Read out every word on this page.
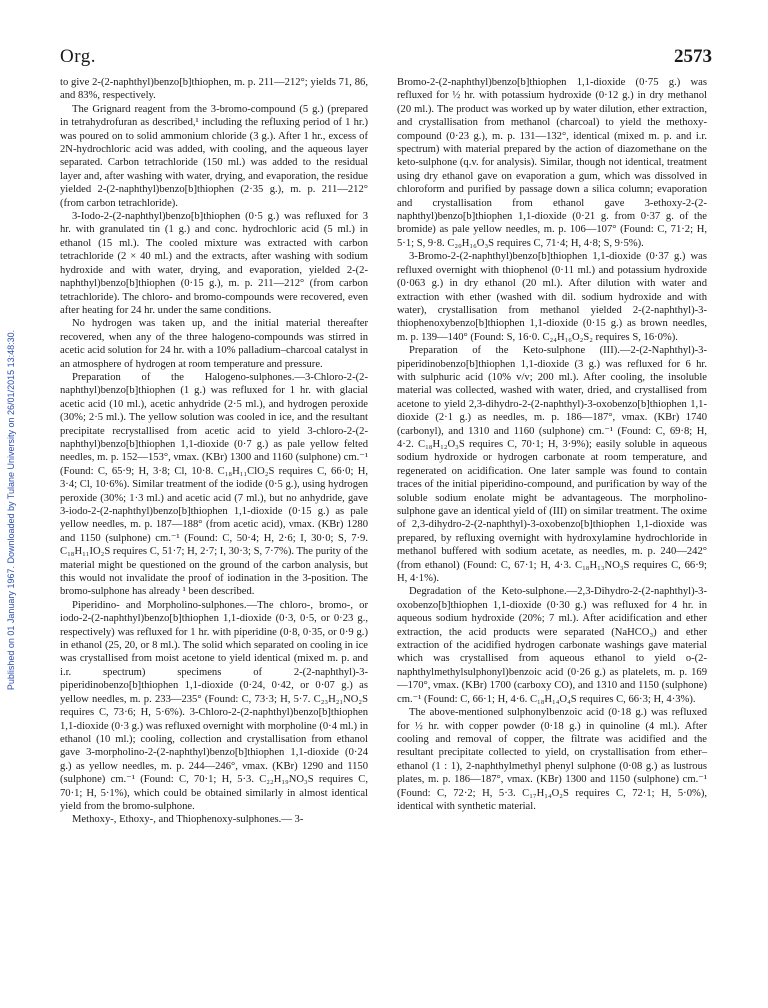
Published on 01 January 1967. Downloaded by Tulane University on 26/01/2015 13:48:30.
Org.	2573

to give 2-(2-naphthyl)benzo[b]thiophen, m. p. 211—212°; yields 71, 86, and 83%, respectively.

The Grignard reagent from the 3-bromo-compound (5 g.) (prepared in tetrahydrofuran as described,¹ including the refluxing period of 1 hr.) was poured on to solid ammonium chloride (3 g.). After 1 hr., excess of 2N-hydrochloric acid was added, with cooling, and the aqueous layer separated. Carbon tetrachloride (150 ml.) was added to the residual layer and, after washing with water, drying, and evaporation, the residue yielded 2-(2-naphthyl)benzo[b]thiophen (2·35 g.), m. p. 211—212° (from carbon tetrachloride).

3-Iodo-2-(2-naphthyl)benzo[b]thiophen (0·5 g.) was refluxed for 3 hr. with granulated tin (1 g.) and conc. hydrochloric acid (5 ml.) in ethanol (15 ml.). The cooled mixture was extracted with carbon tetrachloride (2 × 40 ml.) and the extracts, after washing with sodium hydroxide and with water, drying, and evaporation, yielded 2-(2-naphthyl)benzo[b]thiophen (0·15 g.), m. p. 211—212° (from carbon tetrachloride). The chloro- and bromo-compounds were recovered, even after heating for 24 hr. under the same conditions.

No hydrogen was taken up, and the initial material thereafter recovered, when any of the three halogeno-compounds was stirred in acetic acid solution for 24 hr. with a 10% palladium–charcoal catalyst in an atmosphere of hydrogen at room temperature and pressure.

Preparation of the Halogeno-sulphones.—3-Chloro-2-(2-naphthyl)benzo[b]thiophen (1 g.) was refluxed for 1 hr. with glacial acetic acid (10 ml.), acetic anhydride (2·5 ml.), and hydrogen peroxide (30%; 2·5 ml.). The yellow solution was cooled in ice, and the resultant precipitate recrystallised from acetic acid to yield 3-chloro-2-(2-naphthyl)benzo[b]thiophen 1,1-dioxide (0·7 g.) as pale yellow felted needles, m. p. 152—153°, νmax. (KBr) 1300 and 1160 (sulphone) cm.⁻¹ (Found: C, 65·9; H, 3·8; Cl, 10·8. C₁₈H₁₁ClO₂S requires C, 66·0; H, 3·4; Cl, 10·6%). Similar treatment of the iodide (0·5 g.), using hydrogen peroxide (30%; 1·3 ml.) and acetic acid (7 ml.), but no anhydride, gave 3-iodo-2-(2-naphthyl)benzo[b]thiophen 1,1-dioxide (0·15 g.) as pale yellow needles, m. p. 187—188° (from acetic acid), νmax. (KBr) 1280 and 1150 (sulphone) cm.⁻¹ (Found: C, 50·4; H, 2·6; I, 30·0; S, 7·9. C₁₈H₁₁IO₂S requires C, 51·7; H, 2·7; I, 30·3; S, 7·7%). The purity of the material might be questioned on the ground of the carbon analysis, but this would not invalidate the proof of iodination in the 3-position. The bromo-sulphone has already ¹ been described.

Piperidino- and Morpholino-sulphones.—The chloro-, bromo-, or iodo-2-(2-naphthyl)benzo[b]thiophen 1,1-dioxide (0·3, 0·5, or 0·23 g., respectively) was refluxed for 1 hr. with piperidine (0·8, 0·35, or 0·9 g.) in ethanol (25, 20, or 8 ml.). The solid which separated on cooling in ice was crystallised from moist acetone to yield identical (mixed m. p. and i.r. spectrum) specimens of 2-(2-naphthyl)-3-piperidinobenzo[b]thiophen 1,1-dioxide (0·24, 0·42, or 0·07 g.) as yellow needles, m. p. 233—235° (Found: C, 73·3; H, 5·7. C₂₃H₂₁NO₂S requires C, 73·6; H, 5·6%). 3-Chloro-2-(2-naphthyl)benzo[b]thiophen 1,1-dioxide (0·3 g.) was refluxed overnight with morpholine (0·4 ml.) in ethanol (10 ml.); cooling, collection and crystallisation from ethanol gave 3-morpholino-2-(2-naphthyl)benzo[b]thiophen 1,1-dioxide (0·24 g.) as yellow needles, m. p. 244—246°, νmax. (KBr) 1290 and 1150 (sulphone) cm.⁻¹ (Found: C, 70·1; H, 5·3. C₂₂H₁₉NO₃S requires C, 70·1; H, 5·1%), which could be obtained similarly in almost identical yield from the bromo-sulphone.

Methoxy-, Ethoxy-, and Thiophenoxy-sulphones.— 3-

Bromo-2-(2-naphthyl)benzo[b]thiophen 1,1-dioxide (0·75 g.) was refluxed for ½ hr. with potassium hydroxide (0·12 g.) in dry methanol (20 ml.). The product was worked up by water dilution, ether extraction, and crystallisation from methanol (charcoal) to yield the methoxy-compound (0·23 g.), m. p. 131—132°, identical (mixed m. p. and i.r. spectrum) with material prepared by the action of diazomethane on the keto-sulphone (q.v. for analysis). Similar, though not identical, treatment using dry ethanol gave on evaporation a gum, which was dissolved in chloroform and purified by passage down a silica column; evaporation and crystallisation from ethanol gave 3-ethoxy-2-(2-naphthyl)benzo[b]thiophen 1,1-dioxide (0·21 g. from 0·37 g. of the bromide) as pale yellow needles, m. p. 106—107° (Found: C, 71·2; H, 5·1; S, 9·8. C₂₀H₁₆O₃S requires C, 71·4; H, 4·8; S, 9·5%).

3-Bromo-2-(2-naphthyl)benzo[b]thiophen 1,1-dioxide (0·37 g.) was refluxed overnight with thiophenol (0·11 ml.) and potassium hydroxide (0·063 g.) in dry ethanol (20 ml.). After dilution with water and extraction with ether (washed with dil. sodium hydroxide and with water), crystallisation from methanol yielded 2-(2-naphthyl)-3-thiophenoxybenzo[b]thiophen 1,1-dioxide (0·15 g.) as brown needles, m. p. 139—140° (Found: S, 16·0. C₂₄H₁₆O₂S₂ requires S, 16·0%).

Preparation of the Keto-sulphone (III).—2-(2-Naphthyl)-3-piperidinobenzo[b]thiophen 1,1-dioxide (3 g.) was refluxed for 6 hr. with sulphuric acid (10% v/v; 200 ml.). After cooling, the insoluble material was collected, washed with water, dried, and crystallised from acetone to yield 2,3-dihydro-2-(2-naphthyl)-3-oxobenzo[b]thiophen 1,1-dioxide (2·1 g.) as needles, m. p. 186—187°, νmax. (KBr) 1740 (carbonyl), and 1310 and 1160 (sulphone) cm.⁻¹ (Found: C, 69·8; H, 4·2. C₁₈H₁₂O₃S requires C, 70·1; H, 3·9%); easily soluble in aqueous sodium hydroxide or hydrogen carbonate at room temperature, and regenerated on acidification. One later sample was found to contain traces of the initial piperidino-compound, and purification by way of the soluble sodium enolate might be advantageous. The morpholino-sulphone gave an identical yield of (III) on similar treatment. The oxime of 2,3-dihydro-2-(2-naphthyl)-3-oxobenzo[b]thiophen 1,1-dioxide was prepared, by refluxing overnight with hydroxylamine hydrochloride in methanol buffered with sodium acetate, as needles, m. p. 240—242° (from ethanol) (Found: C, 67·1; H, 4·3. C₁₈H₁₃NO₃S requires C, 66·9; H, 4·1%).

Degradation of the Keto-sulphone.—2,3-Dihydro-2-(2-naphthyl)-3-oxobenzo[b]thiophen 1,1-dioxide (0·30 g.) was refluxed for 4 hr. in aqueous sodium hydroxide (20%; 7 ml.). After acidification and ether extraction, the acid products were separated (NaHCO₃) and ether extraction of the acidified hydrogen carbonate washings gave material which was crystallised from aqueous ethanol to yield o-(2-naphthylmethylsulphonyl)benzoic acid (0·26 g.) as platelets, m. p. 169—170°, νmax. (KBr) 1700 (carboxy CO), and 1310 and 1150 (sulphone) cm.⁻¹ (Found: C, 66·1; H, 4·6. C₁₈H₁₄O₄S requires C, 66·3; H, 4·3%).

The above-mentioned sulphonylbenzoic acid (0·18 g.) was refluxed for ½ hr. with copper powder (0·18 g.) in quinoline (4 ml.). After cooling and removal of copper, the filtrate was acidified and the resultant precipitate collected to yield, on crystallisation from ether–ethanol (1 : 1), 2-naphthylmethyl phenyl sulphone (0·08 g.) as lustrous plates, m. p. 186—187°, νmax. (KBr) 1300 and 1150 (sulphone) cm.⁻¹ (Found: C, 72·2; H, 5·3. C₁₇H₁₄O₂S requires C, 72·1; H, 5·0%), identical with synthetic material.
